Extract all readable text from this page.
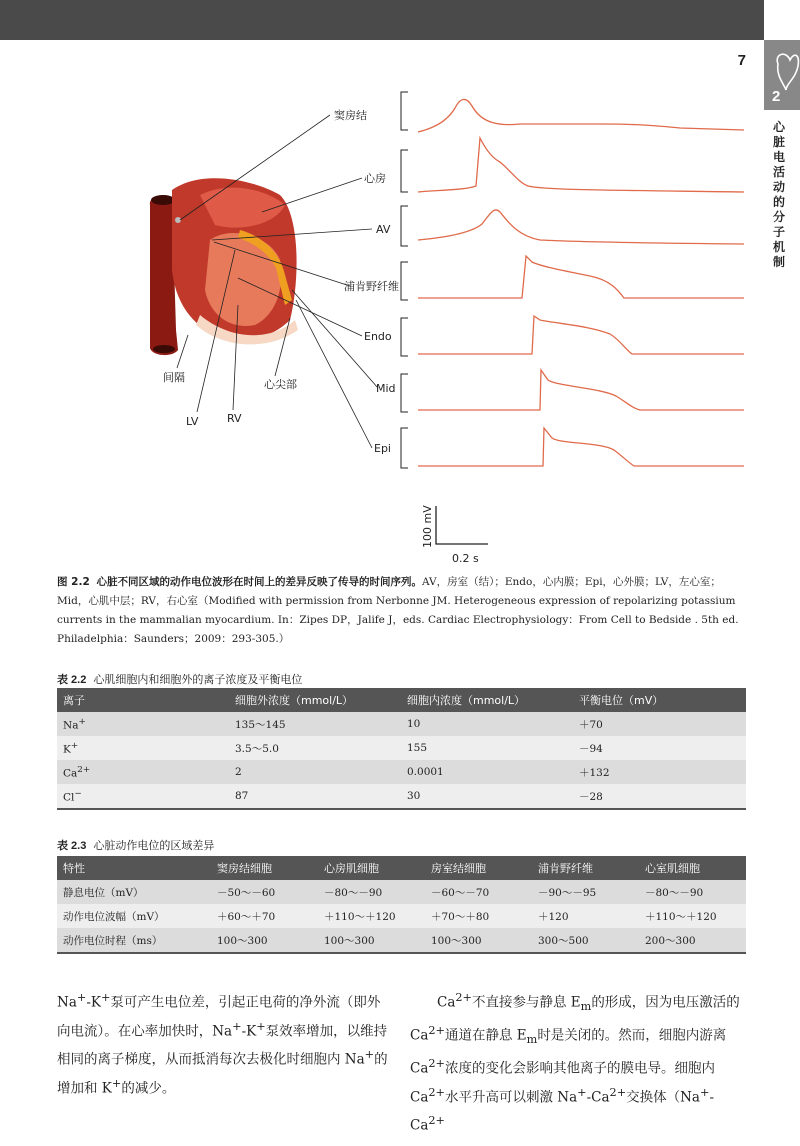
7
2
心脏电活动的分子机制
窦房结
心房
AV
浦肯野纤维
Endo
Mid
Epi
间隔
心尖部
LV	RV
100 mV
0.2 s
图 2.2 心脏不同区域的动作电位波形在时间上的差异反映了传导的时间序列。AV，房室（结）；Endo，心内膜；Epi，心外膜；LV，左心室；Mid，心肌中层；RV，右心室（Modified with permission from Nerbonne JM. Heterogeneous expression of repolarizing potassium currents in the mammalian myocardium. In：Zipes DP，Jalife J，eds. Cardiac Electrophysiology：From Cell to Bedside . 5th ed. Philadelphia：Saunders；2009：293-305.）
表 2.2 心肌细胞内和细胞外的离子浓度及平衡电位
离子	细胞外浓度（mmol/L）	细胞内浓度（mmol/L）	平衡电位（mV）
Na+	135～145	10	＋70
K+	3.5～5.0	155	－94
$Ca^{2+}$	2	0.0001	＋132
Cl−	87	30	－28
表 2.3 心脏动作电位的区域差异
特性	窦房结细胞	心房肌细胞	房室结细胞	浦肯野纤维	心室肌细胞
静息电位（mV）	－50～－60	－80～－90	－60～－70	－90～－95	－80～－90
动作电位波幅（mV）	＋60～＋70	＋110～＋120	＋70～＋80	＋120	＋110～＋120
动作电位时程（ms）	100～300	100～300	100～300	300～500	200～300
Na+-K+泵可产生电位差，引起正电荷的净外流（即外向电流）。在心率加快时，Na+-K+泵效率增加，以维持相同的离子梯度，从而抵消每次去极化时细胞内 Na+的增加和 K+的减少。
$Ca^{2+}$不直接参与静息 $E_m$的形成，因为电压激活的 $Ca^{2+}$通道在静息 $E_m$时是关闭的。然而，细胞内游离 $Ca^{2+}$浓度的变化会影响其他离子的膜电导。细胞内 $Ca^{2+}$水平升高可以刺激 $Na^+-Ca^{2+}$交换体（$Na^+-Ca^{2+}$
